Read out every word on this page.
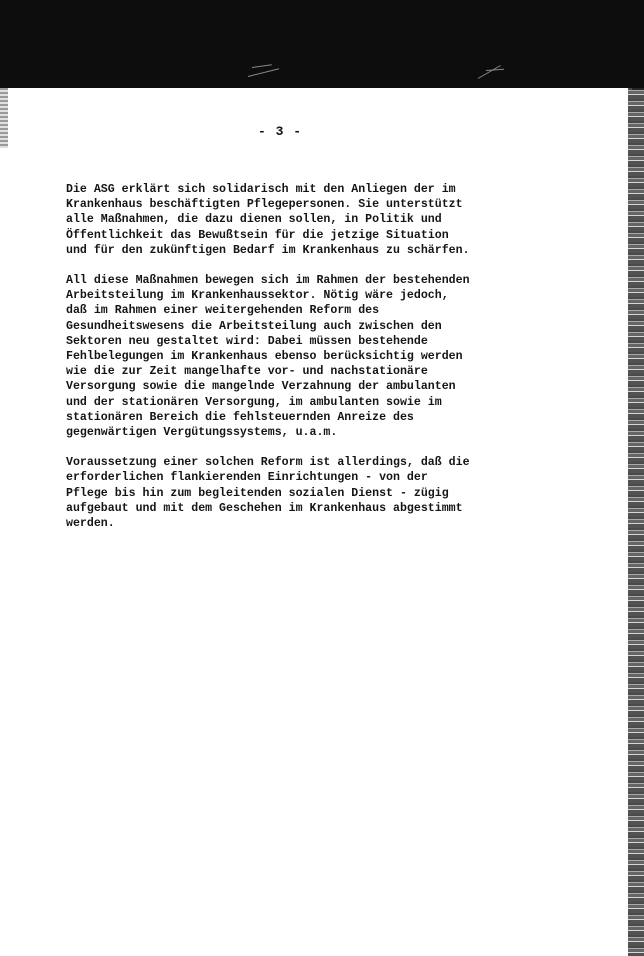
- 3 -
Die ASG erklärt sich solidarisch mit den Anliegen der im
Krankenhaus beschäftigten Pflegepersonen. Sie unterstützt
alle Maßnahmen, die dazu dienen sollen, in Politik und
Öffentlichkeit das Bewußtsein für die jetzige Situation
und für den zukünftigen Bedarf im Krankenhaus zu schärfen.
All diese Maßnahmen bewegen sich im Rahmen der bestehenden
Arbeitsteilung im Krankenhaussektor. Nötig wäre jedoch,
daß im Rahmen einer weitergehenden Reform des
Gesundheitswesens die Arbeitsteilung auch zwischen den
Sektoren neu gestaltet wird: Dabei müssen bestehende
Fehlbelegungen im Krankenhaus ebenso berücksichtig werden
wie die zur Zeit mangelhafte vor- und nachstationäre
Versorgung sowie die mangelnde Verzahnung der ambulanten
und der stationären Versorgung, im ambulanten sowie im
stationären Bereich die fehlsteuernden Anreize des
gegenwärtigen Vergütungssystems, u.a.m.
Voraussetzung einer solchen Reform ist allerdings, daß die
erforderlichen flankierenden Einrichtungen - von der
Pflege bis hin zum begleitenden sozialen Dienst - zügig
aufgebaut und mit dem Geschehen im Krankenhaus abgestimmt
werden.
